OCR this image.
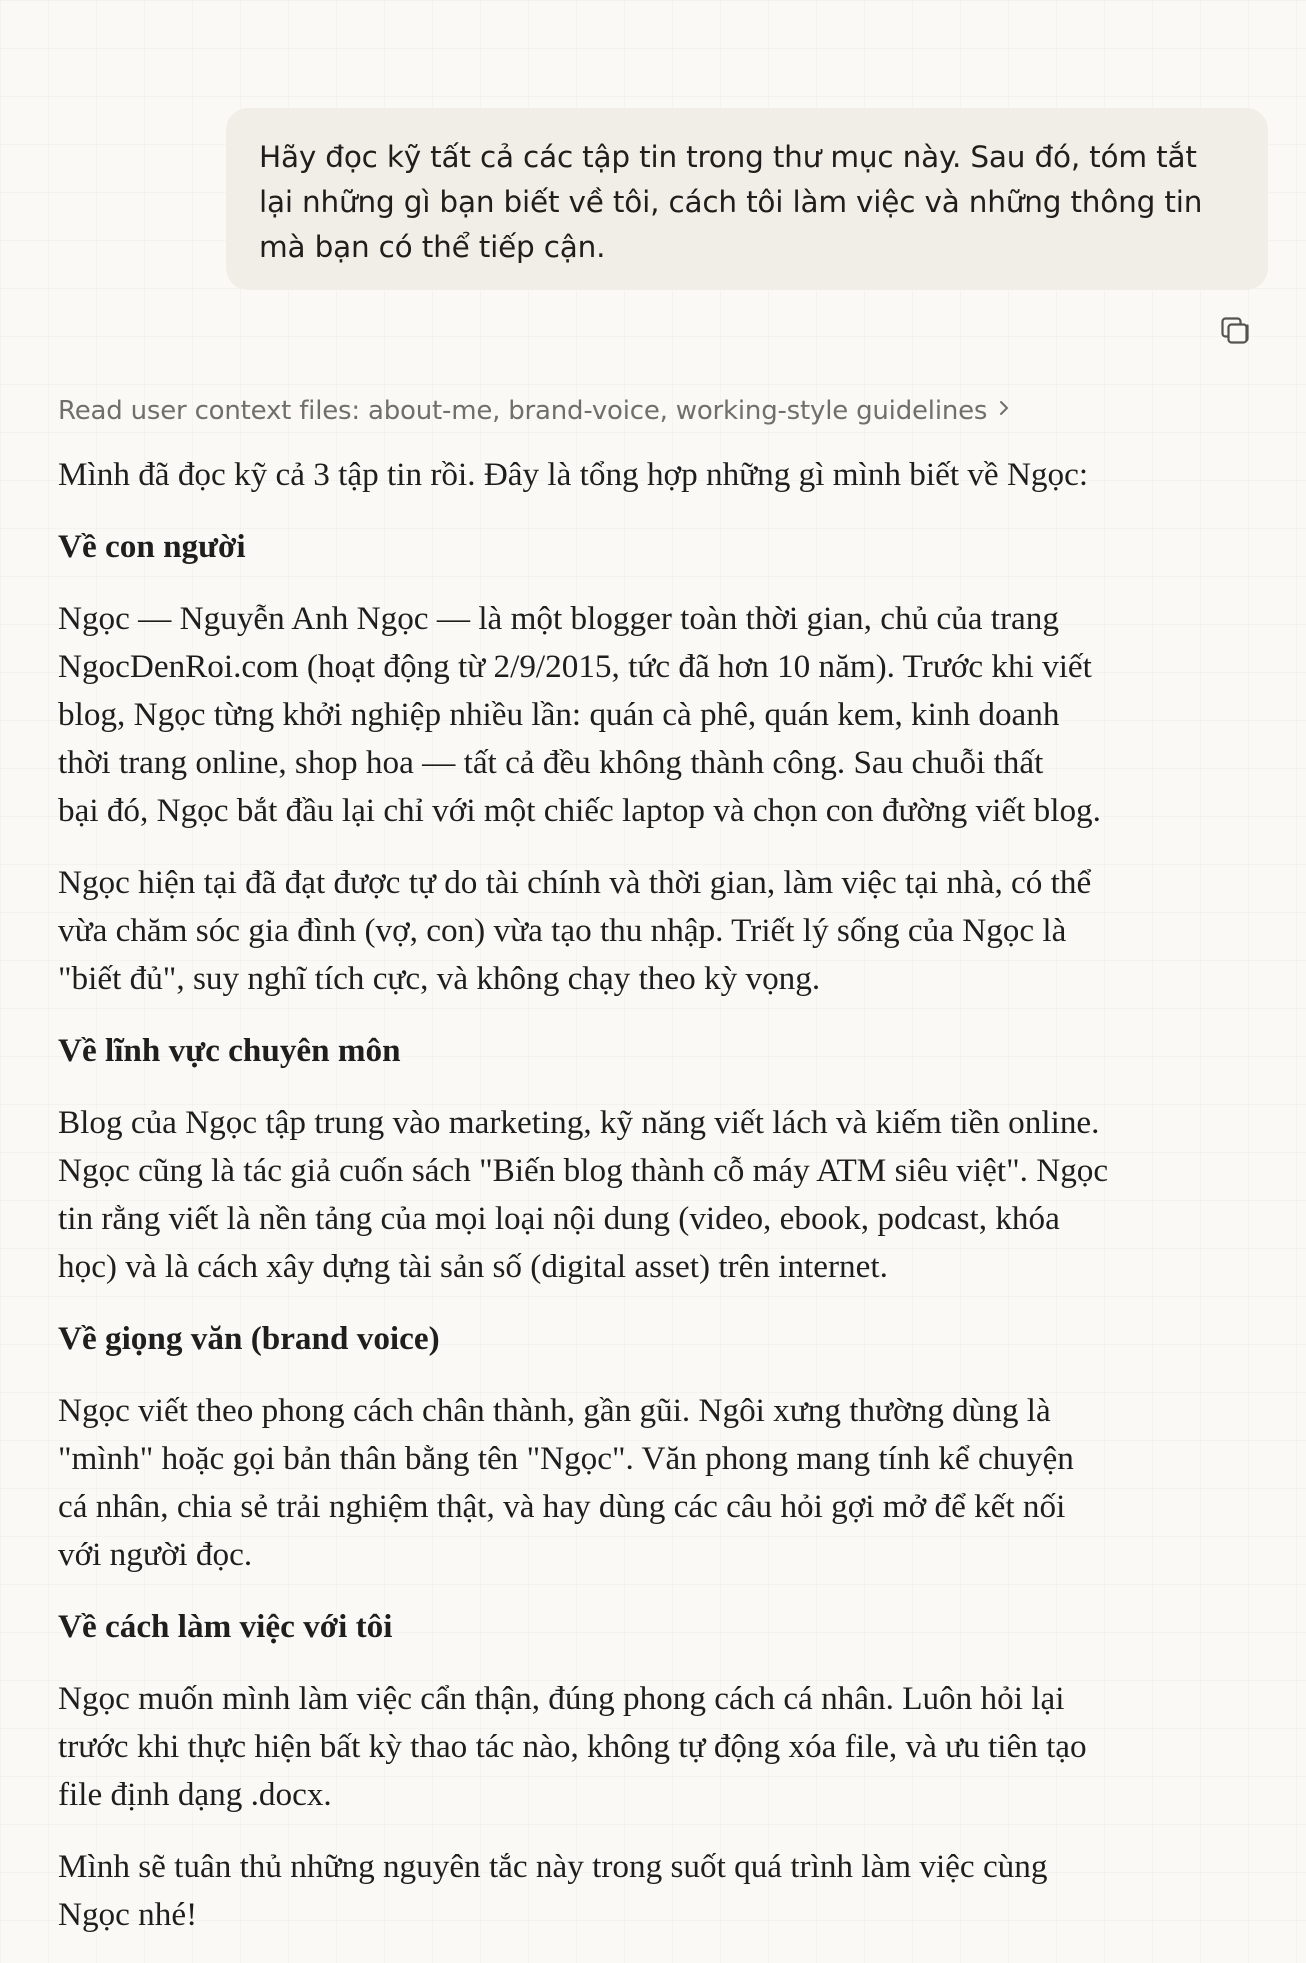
Hãy đọc kỹ tất cả các tập tin trong thư mục này. Sau đó, tóm tắt
lại những gì bạn biết về tôi, cách tôi làm việc và những thông tin
mà bạn có thể tiếp cận.
Read user context files: about-me, brand-voice, working-style guidelines

Mình đã đọc kỹ cả 3 tập tin rồi. Đây là tổng hợp những gì mình biết về Ngọc:

Về con người

Ngọc — Nguyễn Anh Ngọc — là một blogger toàn thời gian, chủ của trang
NgocDenRoi.com (hoạt động từ 2/9/2015, tức đã hơn 10 năm). Trước khi viết
blog, Ngọc từng khởi nghiệp nhiều lần: quán cà phê, quán kem, kinh doanh
thời trang online, shop hoa — tất cả đều không thành công. Sau chuỗi thất
bại đó, Ngọc bắt đầu lại chỉ với một chiếc laptop và chọn con đường viết blog.

Ngọc hiện tại đã đạt được tự do tài chính và thời gian, làm việc tại nhà, có thể
vừa chăm sóc gia đình (vợ, con) vừa tạo thu nhập. Triết lý sống của Ngọc là
"biết đủ", suy nghĩ tích cực, và không chạy theo kỳ vọng.

Về lĩnh vực chuyên môn

Blog của Ngọc tập trung vào marketing, kỹ năng viết lách và kiếm tiền online.
Ngọc cũng là tác giả cuốn sách "Biến blog thành cỗ máy ATM siêu việt". Ngọc
tin rằng viết là nền tảng của mọi loại nội dung (video, ebook, podcast, khóa
học) và là cách xây dựng tài sản số (digital asset) trên internet.

Về giọng văn (brand voice)

Ngọc viết theo phong cách chân thành, gần gũi. Ngôi xưng thường dùng là
"mình" hoặc gọi bản thân bằng tên "Ngọc". Văn phong mang tính kể chuyện
cá nhân, chia sẻ trải nghiệm thật, và hay dùng các câu hỏi gợi mở để kết nối
với người đọc.

Về cách làm việc với tôi

Ngọc muốn mình làm việc cẩn thận, đúng phong cách cá nhân. Luôn hỏi lại
trước khi thực hiện bất kỳ thao tác nào, không tự động xóa file, và ưu tiên tạo
file định dạng .docx.

Mình sẽ tuân thủ những nguyên tắc này trong suốt quá trình làm việc cùng
Ngọc nhé!
